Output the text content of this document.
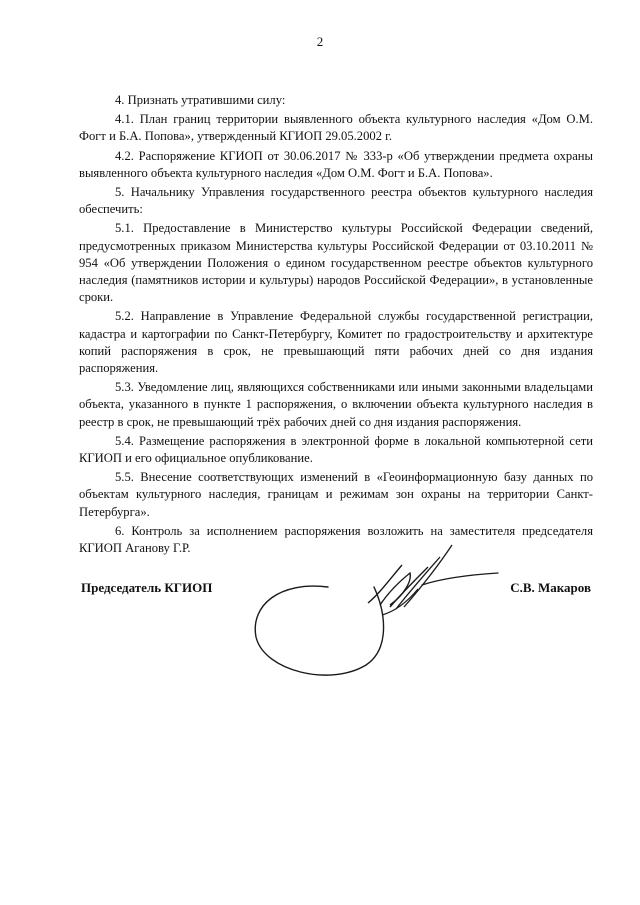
2

4. Признать утратившими силу:

4.1. План границ территории выявленного объекта культурного наследия «Дом О.М. Фогт и Б.А. Попова», утвержденный КГИОП 29.05.2002 г.

4.2. Распоряжение КГИОП от 30.06.2017 № 333-р «Об утверждении предмета охраны выявленного объекта культурного наследия «Дом О.М. Фогт и Б.А. Попова».

5. Начальнику Управления государственного реестра объектов культурного наследия обеспечить:

5.1. Предоставление в Министерство культуры Российской Федерации сведений, предусмотренных приказом Министерства культуры Российской Федерации от 03.10.2011 № 954 «Об утверждении Положения о едином государственном реестре объектов культурного наследия (памятников истории и культуры) народов Российской Федерации», в установленные сроки.

5.2. Направление в Управление Федеральной службы государственной регистрации, кадастра и картографии по Санкт-Петербургу, Комитет по градостроительству и архитектуре копий распоряжения в срок, не превышающий пяти рабочих дней со дня издания распоряжения.

5.3. Уведомление лиц, являющихся собственниками или иными законными владельцами объекта, указанного в пункте 1 распоряжения, о включении объекта культурного наследия в реестр в срок, не превышающий трёх рабочих дней со дня издания распоряжения.

5.4. Размещение распоряжения в электронной форме в локальной компьютерной сети КГИОП и его официальное опубликование.

5.5. Внесение соответствующих изменений в «Геоинформационную базу данных по объектам культурного наследия, границам и режимам зон охраны на территории Санкт-Петербурга».

6. Контроль за исполнением распоряжения возложить на заместителя председателя КГИОП Аганову Г.Р.

Председатель КГИОП	С.В. Макаров
